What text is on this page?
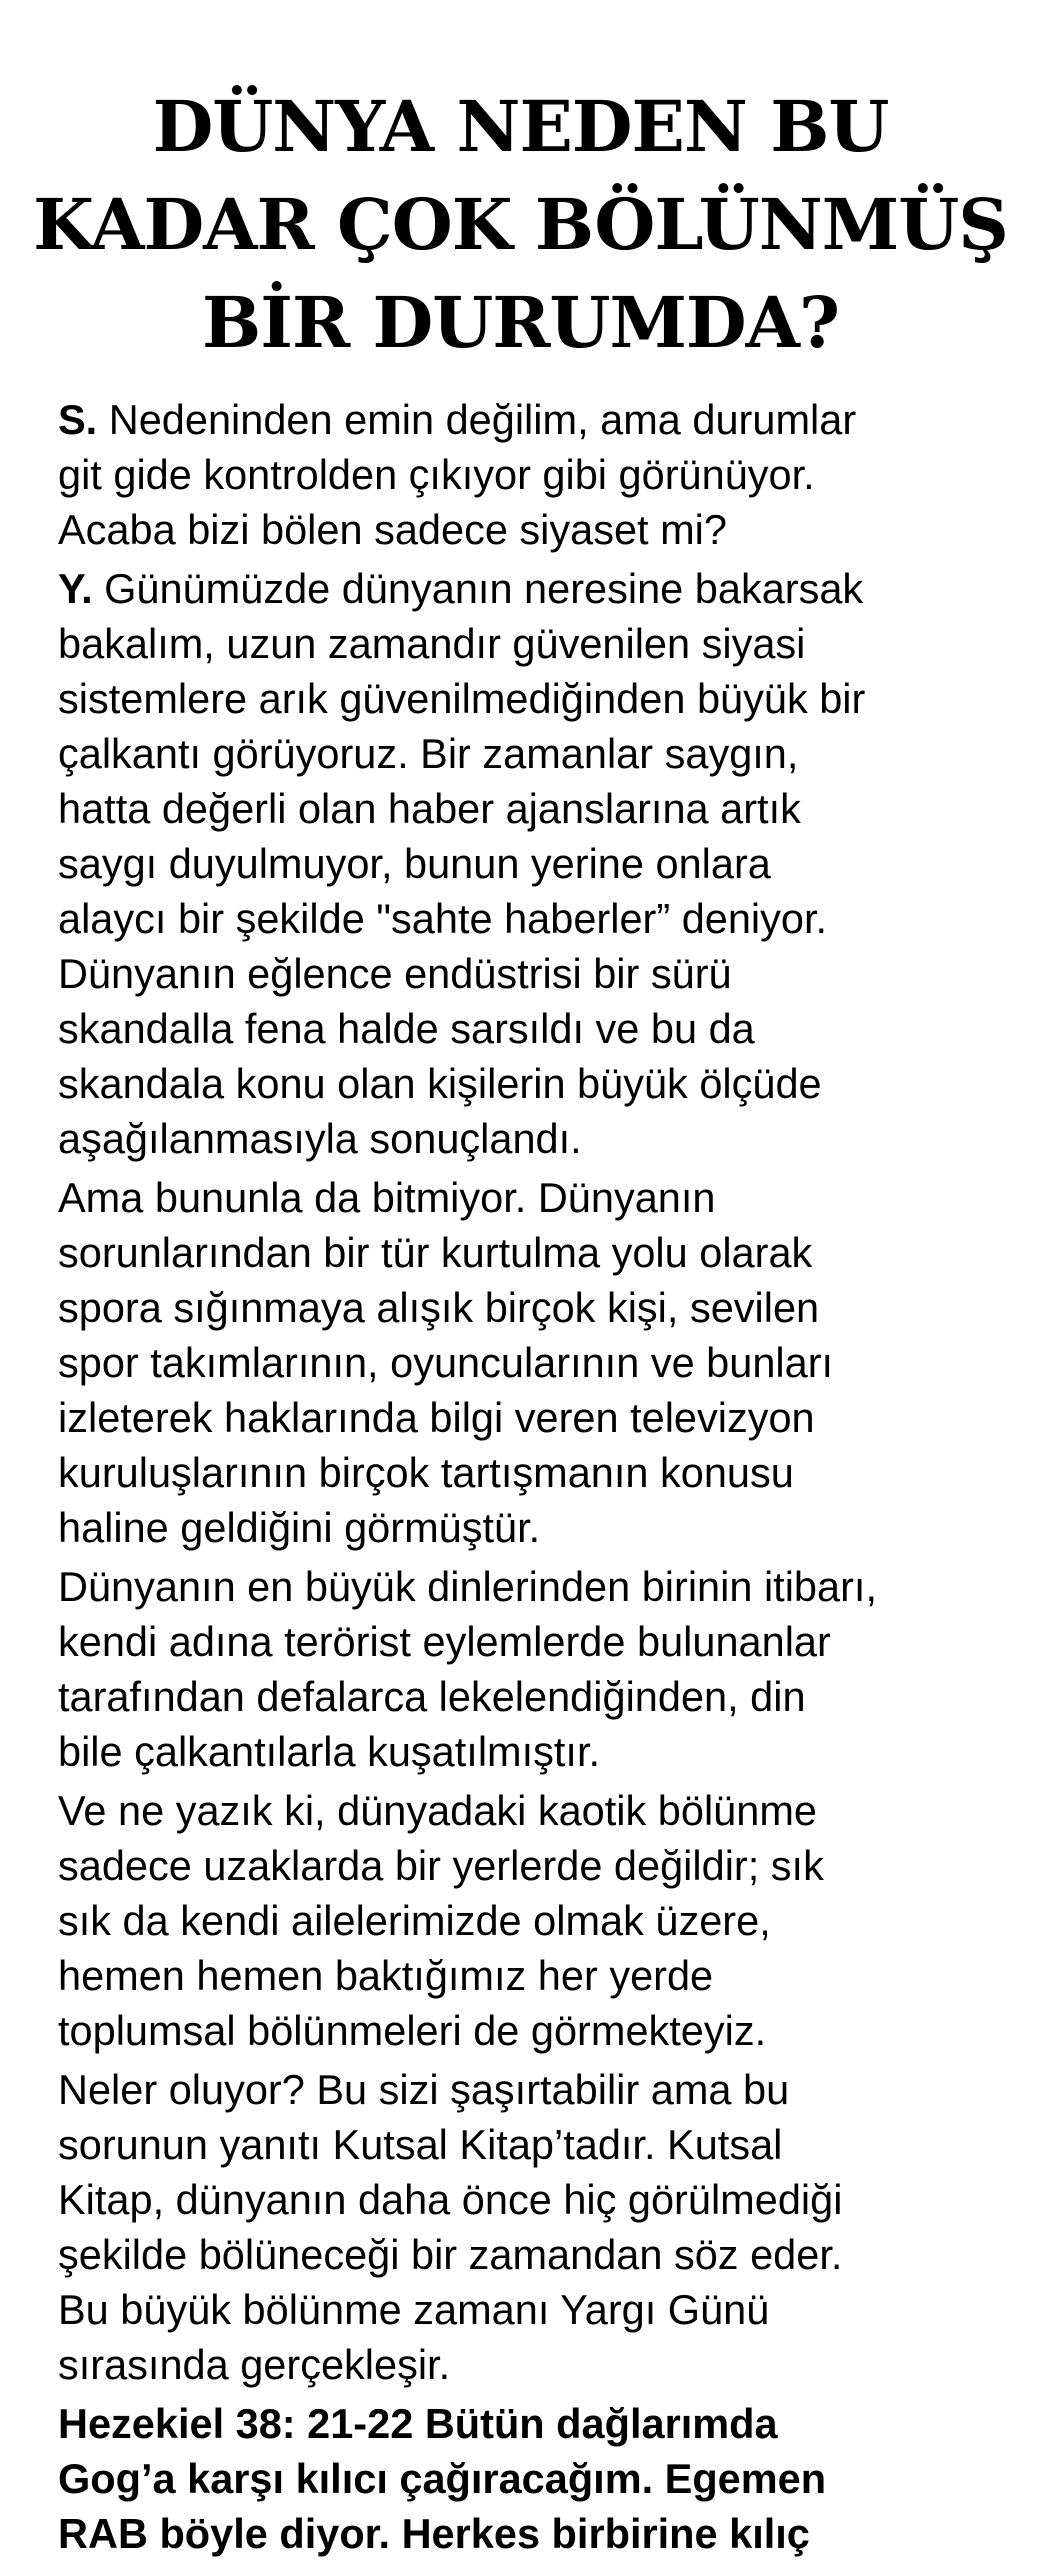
DÜNYA NEDEN BU
KADAR ÇOK BÖLÜNMÜŞ
BİR DURUMDA?
S. Nedeninden emin değilim, ama durumlar
git gide kontrolden çıkıyor gibi görünüyor.
Acaba bizi bölen sadece siyaset mi?
Y. Günümüzde dünyanın neresine bakarsak
bakalım, uzun zamandır güvenilen siyasi
sistemlere arık güvenilmediğinden büyük bir
çalkantı görüyoruz. Bir zamanlar saygın,
hatta değerli olan haber ajanslarına artık
saygı duyulmuyor, bunun yerine onlara
alaycı bir şekilde "sahte haberler” deniyor.
Dünyanın eğlence endüstrisi bir sürü
skandalla fena halde sarsıldı ve bu da
skandala konu olan kişilerin büyük ölçüde
aşağılanmasıyla sonuçlandı.
Ama bununla da bitmiyor. Dünyanın
sorunlarından bir tür kurtulma yolu olarak
spora sığınmaya alışık birçok kişi, sevilen
spor takımlarının, oyuncularının ve bunları
izleterek haklarında bilgi veren televizyon
kuruluşlarının birçok tartışmanın konusu
haline geldiğini görmüştür.
Dünyanın en büyük dinlerinden birinin itibarı,
kendi adına terörist eylemlerde bulunanlar
tarafından defalarca lekelendiğinden, din
bile çalkantılarla kuşatılmıştır.
Ve ne yazık ki, dünyadaki kaotik bölünme
sadece uzaklarda bir yerlerde değildir; sık
sık da kendi ailelerimizde olmak üzere,
hemen hemen baktığımız her yerde
toplumsal bölünmeleri de görmekteyiz.
Neler oluyor? Bu sizi şaşırtabilir ama bu
sorunun yanıtı Kutsal Kitap’tadır. Kutsal
Kitap, dünyanın daha önce hiç görülmediği
şekilde bölüneceği bir zamandan söz eder.
Bu büyük bölünme zamanı Yargı Günü
sırasında gerçekleşir.
Hezekiel 38: 21-22 Bütün dağlarımda
Gog’a karşı kılıcı çağıracağım. Egemen
RAB böyle diyor. Herkes birbirine kılıç
